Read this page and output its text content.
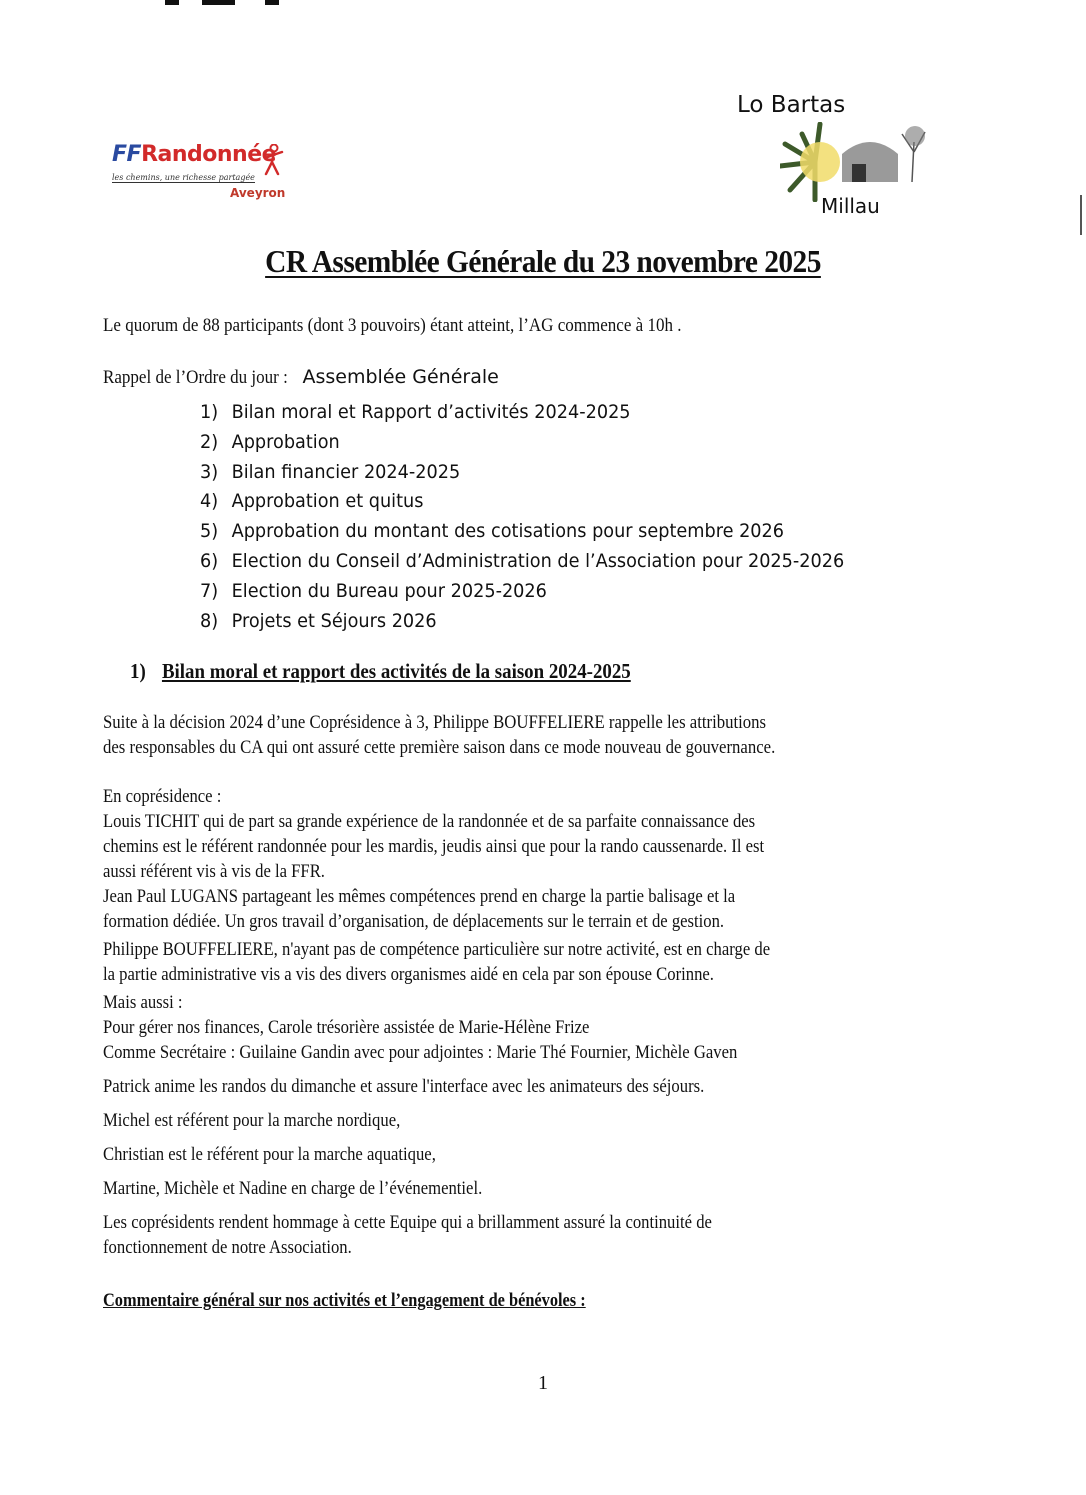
FFRandonnée
les chemins, une richesse partagée
Aveyron
Lo Bartas
Millau
CR Assemblée Générale du 23 novembre 2025
Le quorum de 88 participants (dont 3 pouvoirs) étant atteint, l’AG commence à 10h .
Rappel de l’Ordre du jour : Assemblée Générale
1) Bilan moral et Rapport d’activités 2024-2025
2) Approbation
3) Bilan financier 2024-2025
4) Approbation et quitus
5) Approbation du montant des cotisations pour septembre 2026
6) Election du Conseil d’Administration de l’Association pour 2025-2026
7) Election du Bureau pour 2025-2026
8) Projets et Séjours 2026
1) Bilan moral et rapport des activités de la saison 2024-2025
Suite à la décision 2024 d’une Coprésidence à 3, Philippe BOUFFELIERE rappelle les attributions
des responsables du CA qui ont assuré cette première saison dans ce mode nouveau de gouvernance.
En coprésidence :
Louis TICHIT qui de part sa grande expérience de la randonnée et de sa parfaite connaissance des
chemins est le référent randonnée pour les mardis, jeudis ainsi que pour la rando caussenarde. Il est
aussi référent vis à vis de la FFR.
Jean Paul LUGANS partageant les mêmes compétences prend en charge la partie balisage et la
formation dédiée. Un gros travail d’organisation, de déplacements sur le terrain et de gestion.
Philippe BOUFFELIERE, n'ayant pas de compétence particulière sur notre activité, est en charge de
la partie administrative vis a vis des divers organismes aidé en cela par son épouse Corinne.
Mais aussi :
Pour gérer nos finances, Carole trésorière assistée de Marie-Hélène Frize
Comme Secrétaire : Guilaine Gandin avec pour adjointes : Marie Thé Fournier, Michèle Gaven
Patrick anime les randos du dimanche et assure l'interface avec les animateurs des séjours.
Michel est référent pour la marche nordique,
Christian est le référent pour la marche aquatique,
Martine, Michèle et Nadine en charge de l’événementiel.
Les coprésidents rendent hommage à cette Equipe qui a brillamment assuré la continuité de
fonctionnement de notre Association.
Commentaire général sur nos activités et l’engagement de bénévoles :
1
